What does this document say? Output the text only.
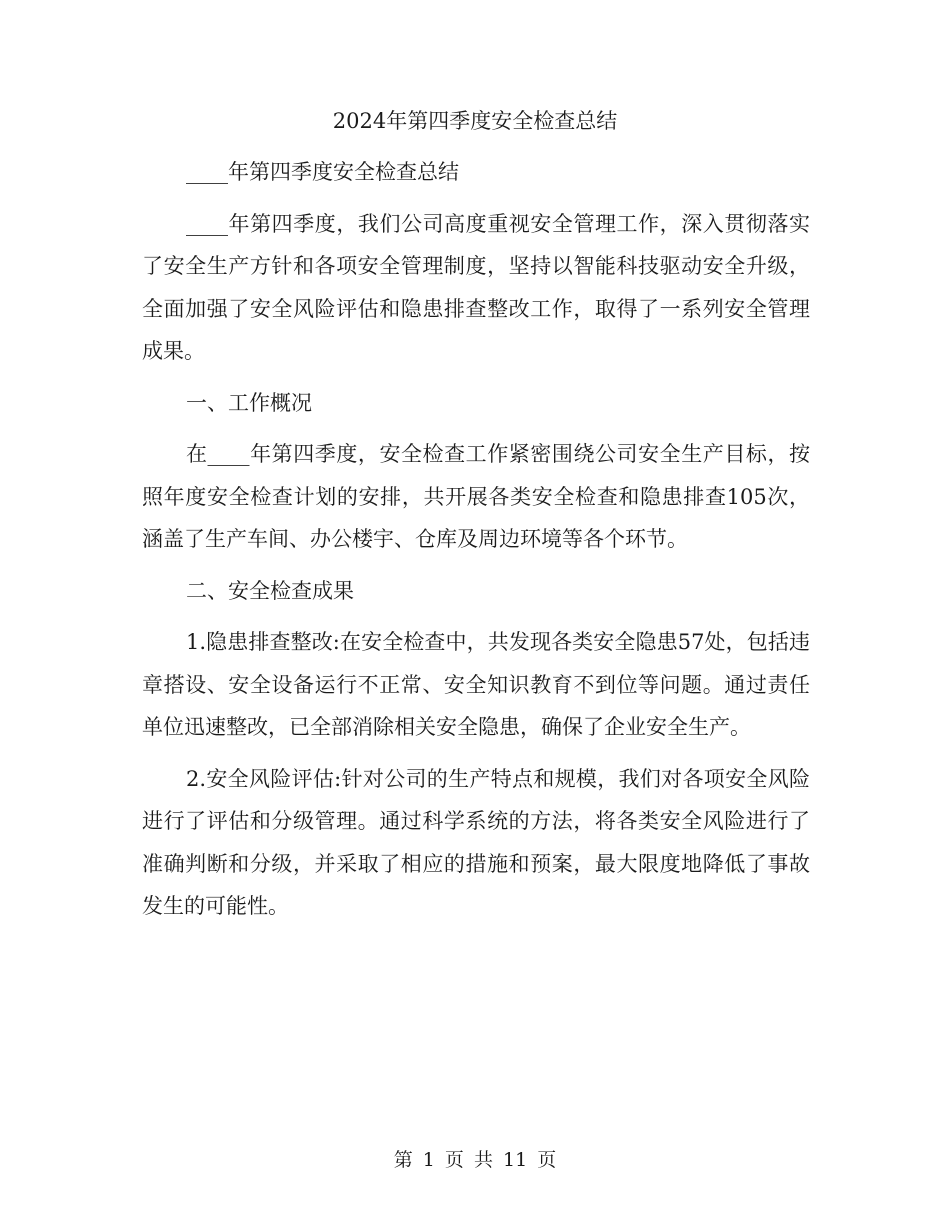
2024年第四季度安全检查总结

____年第四季度安全检查总结

____年第四季度，我们公司高度重视安全管理工作，深入贯彻落实了安全生产方针和各项安全管理制度，坚持以智能科技驱动安全升级，全面加强了安全风险评估和隐患排查整改工作，取得了一系列安全管理成果。

一、工作概况

在____年第四季度，安全检查工作紧密围绕公司安全生产目标，按照年度安全检查计划的安排，共开展各类安全检查和隐患排查105次，涵盖了生产车间、办公楼宇、仓库及周边环境等各个环节。

二、安全检查成果

1.隐患排查整改:在安全检查中，共发现各类安全隐患57处，包括违章搭设、安全设备运行不正常、安全知识教育不到位等问题。通过责任单位迅速整改，已全部消除相关安全隐患，确保了企业安全生产。

2.安全风险评估:针对公司的生产特点和规模，我们对各项安全风险进行了评估和分级管理。通过科学系统的方法，将各类安全风险进行了准确判断和分级，并采取了相应的措施和预案，最大限度地降低了事故发生的可能性。

第 1 页 共 11 页
